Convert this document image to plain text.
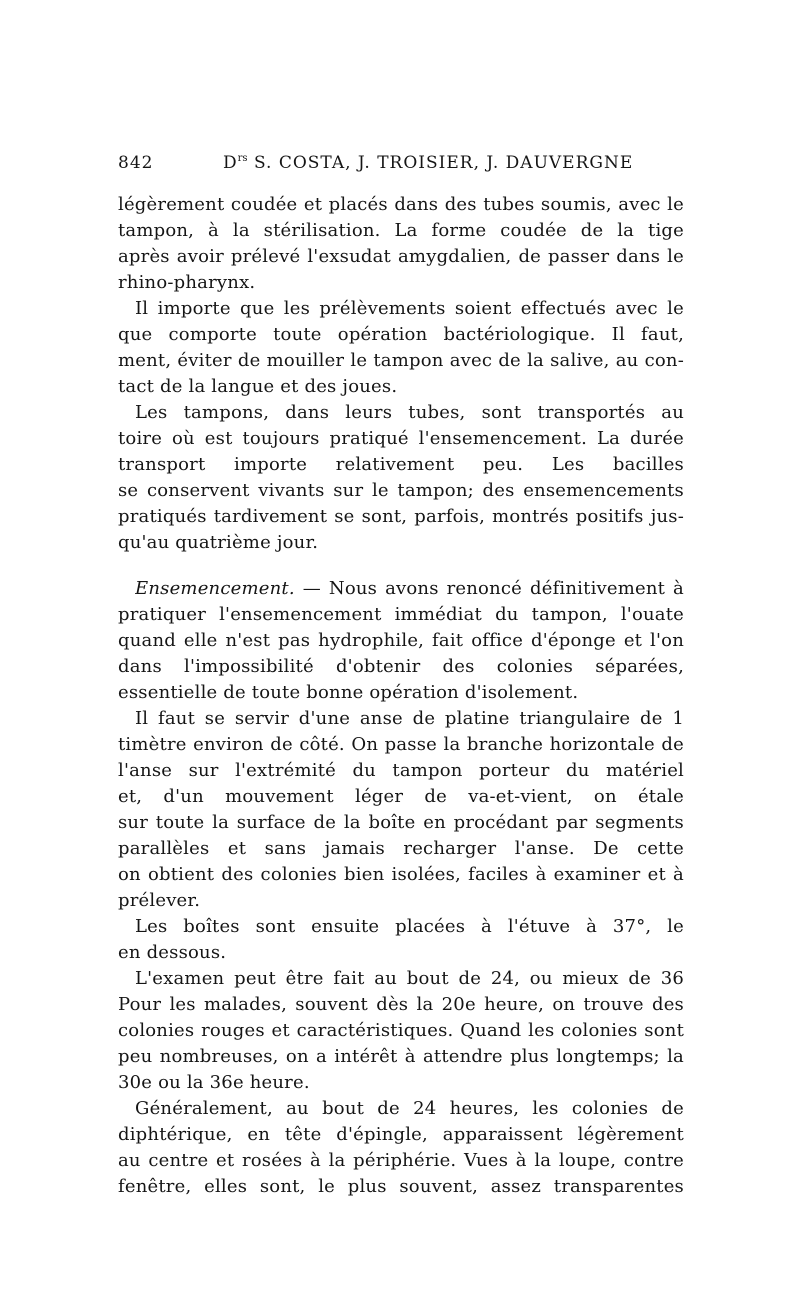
842	$D^{rs}$ S. COSTA, J. TROISIER, J. DAUVERGNE
légèrement coudée et placés dans des tubes soumis, avec le
tampon, à la stérilisation. La forme coudée de la tige
après avoir prélevé l'exsudat amygdalien, de passer dans le
rhino-pharynx.
Il importe que les prélèvements soient effectués avec le
que comporte toute opération bactériologique. Il faut,
ment, éviter de mouiller le tampon avec de la salive, au con-
tact de la langue et des joues.
Les tampons, dans leurs tubes, sont transportés au
toire où est toujours pratiqué l'ensemencement. La durée
transport importe relativement peu. Les bacilles
se conservent vivants sur le tampon; des ensemencements
pratiqués tardivement se sont, parfois, montrés positifs jus-
qu'au quatrième jour.
Ensemencement. — Nous avons renoncé définitivement à
pratiquer l'ensemencement immédiat du tampon, l'ouate
quand elle n'est pas hydrophile, fait office d'éponge et l'on
dans l'impossibilité d'obtenir des colonies séparées,
essentielle de toute bonne opération d'isolement.
Il faut se servir d'une anse de platine triangulaire de 1
timètre environ de côté. On passe la branche horizontale de
l'anse sur l'extrémité du tampon porteur du matériel
et, d'un mouvement léger de va-et-vient, on étale
sur toute la surface de la boîte en procédant par segments
parallèles et sans jamais recharger l'anse. De cette
on obtient des colonies bien isolées, faciles à examiner et à
prélever.
Les boîtes sont ensuite placées à l'étuve à 37°, le
en dessous.
L'examen peut être fait au bout de 24, ou mieux de 36
Pour les malades, souvent dès la 20e heure, on trouve des
colonies rouges et caractéristiques. Quand les colonies sont
peu nombreuses, on a intérêt à attendre plus longtemps; la
30e ou la 36e heure.
Généralement, au bout de 24 heures, les colonies de
diphtérique, en tête d'épingle, apparaissent légèrement
au centre et rosées à la périphérie. Vues à la loupe, contre
fenêtre, elles sont, le plus souvent, assez transparentes
